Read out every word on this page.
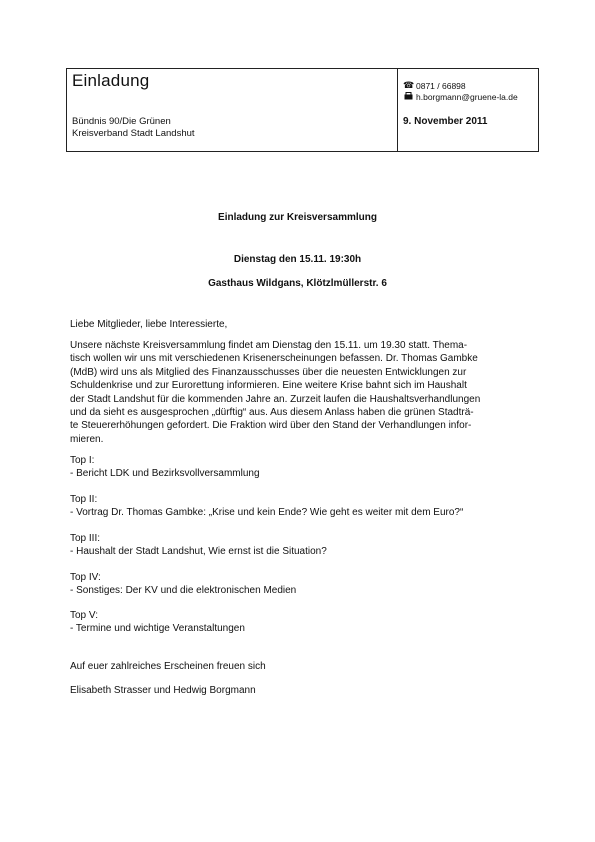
Einladung
Bündnis 90/Die Grünen
Kreisverband Stadt Landshut
☎ 0871 / 66898
h.borgmann@gruene-la.de
9. November 2011
Einladung zur Kreisversammlung
Dienstag den 15.11. 19:30h
Gasthaus Wildgans, Klötzlmüllerstr. 6
Liebe Mitglieder, liebe Interessierte,
Unsere nächste Kreisversammlung findet am Dienstag den 15.11. um 19.30 statt. Thema-
tisch wollen wir uns mit verschiedenen Krisenerscheinungen befassen. Dr. Thomas Gambke
(MdB) wird uns als Mitglied des Finanzausschusses über die neuesten Entwicklungen zur
Schuldenkrise und zur Eurorettung informieren. Eine weitere Krise bahnt sich im Haushalt
der Stadt Landshut für die kommenden Jahre an. Zurzeit laufen die Haushaltsverhandlungen
und da sieht es ausgesprochen „dürftig“ aus. Aus diesem Anlass haben die grünen Stadträ-
te Steuererhöhungen gefordert. Die Fraktion wird über den Stand der Verhandlungen infor-
mieren.
Top I:
- Bericht LDK und Bezirksvollversammlung
Top II:
- Vortrag Dr. Thomas Gambke: „Krise und kein Ende? Wie geht es weiter mit dem Euro?“
Top III:
- Haushalt der Stadt Landshut, Wie ernst ist die Situation?
Top IV:
- Sonstiges: Der KV und die elektronischen Medien
Top V:
- Termine und wichtige Veranstaltungen
Auf euer zahlreiches Erscheinen freuen sich
Elisabeth Strasser und Hedwig Borgmann
